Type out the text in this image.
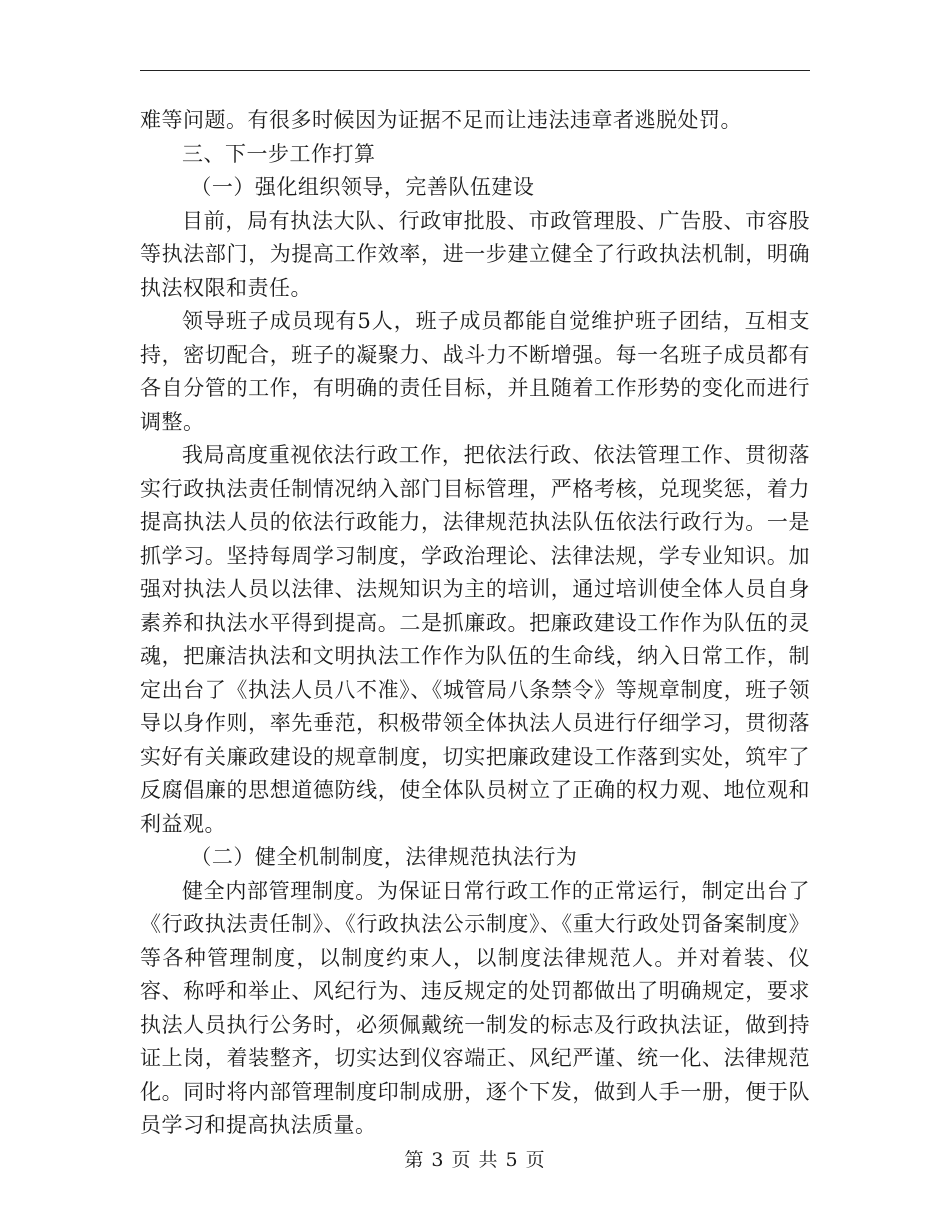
难等问题。有很多时候因为证据不足而让违法违章者逃脱处罚。

三、下一步工作打算

（一）强化组织领导，完善队伍建设

目前，局有执法大队、行政审批股、市政管理股、广告股、市容股等执法部门，为提高工作效率，进一步建立健全了行政执法机制，明确执法权限和责任。

领导班子成员现有5人，班子成员都能自觉维护班子团结，互相支持，密切配合，班子的凝聚力、战斗力不断增强。每一名班子成员都有各自分管的工作，有明确的责任目标，并且随着工作形势的变化而进行调整。

我局高度重视依法行政工作，把依法行政、依法管理工作、贯彻落实行政执法责任制情况纳入部门目标管理，严格考核，兑现奖惩，着力提高执法人员的依法行政能力，法律规范执法队伍依法行政行为。一是抓学习。坚持每周学习制度，学政治理论、法律法规，学专业知识。加强对执法人员以法律、法规知识为主的培训，通过培训使全体人员自身素养和执法水平得到提高。二是抓廉政。把廉政建设工作作为队伍的灵魂，把廉洁执法和文明执法工作作为队伍的生命线，纳入日常工作，制定出台了《执法人员八不准》、《城管局八条禁令》等规章制度，班子领导以身作则，率先垂范，积极带领全体执法人员进行仔细学习，贯彻落实好有关廉政建设的规章制度，切实把廉政建设工作落到实处，筑牢了反腐倡廉的思想道德防线，使全体队员树立了正确的权力观、地位观和利益观。

（二）健全机制制度，法律规范执法行为

健全内部管理制度。为保证日常行政工作的正常运行，制定出台了《行政执法责任制》、《行政执法公示制度》、《重大行政处罚备案制度》等各种管理制度，以制度约束人，以制度法律规范人。并对着装、仪容、称呼和举止、风纪行为、违反规定的处罚都做出了明确规定，要求执法人员执行公务时，必须佩戴统一制发的标志及行政执法证，做到持证上岗，着装整齐，切实达到仪容端正、风纪严谨、统一化、法律规范化。同时将内部管理制度印制成册，逐个下发，做到人手一册，便于队员学习和提高执法质量。

第 3 页 共 5 页
